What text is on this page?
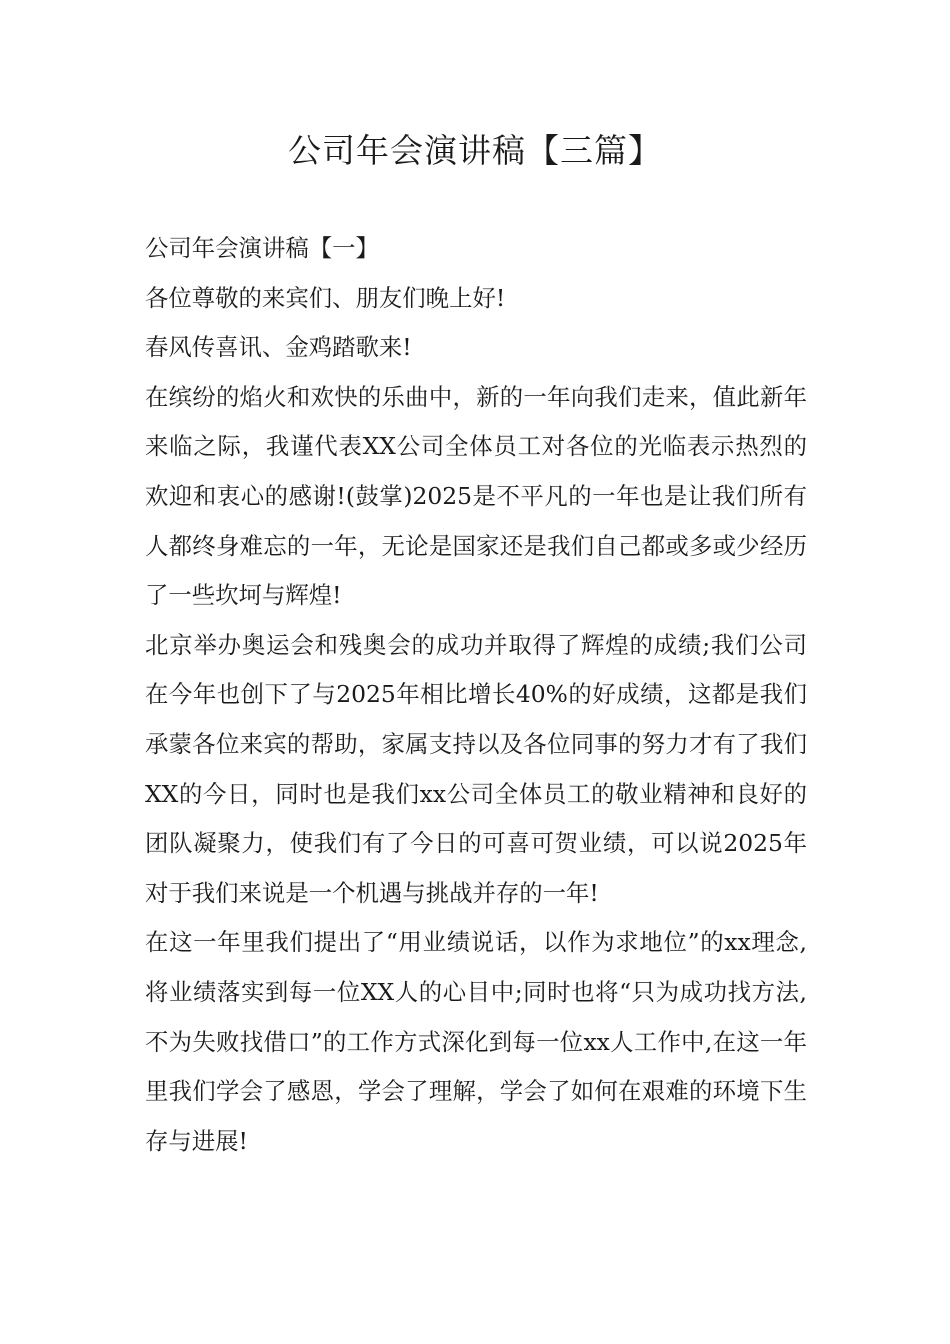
公司年会演讲稿【三篇】

公司年会演讲稿【一】

各位尊敬的来宾们、朋友们晚上好!

春风传喜讯、金鸡踏歌来!

在缤纷的焰火和欢快的乐曲中，新的一年向我们走来，值此新年来临之际，我谨代表XX公司全体员工对各位的光临表示热烈的欢迎和衷心的感谢!(鼓掌)2025是不平凡的一年也是让我们所有人都终身难忘的一年，无论是国家还是我们自己都或多或少经历了一些坎坷与辉煌!

北京举办奥运会和残奥会的成功并取得了辉煌的成绩;我们公司在今年也创下了与2025年相比增长40%的好成绩，这都是我们承蒙各位来宾的帮助，家属支持以及各位同事的努力才有了我们XX的今日，同时也是我们xx公司全体员工的敬业精神和良好的团队凝聚力，使我们有了今日的可喜可贺业绩，可以说2025年对于我们来说是一个机遇与挑战并存的一年!

在这一年里我们提出了“用业绩说话，以作为求地位”的xx理念,将业绩落实到每一位XX人的心目中;同时也将“只为成功找方法,不为失败找借口”的工作方式深化到每一位xx人工作中,在这一年里我们学会了感恩，学会了理解，学会了如何在艰难的环境下生存与进展!
